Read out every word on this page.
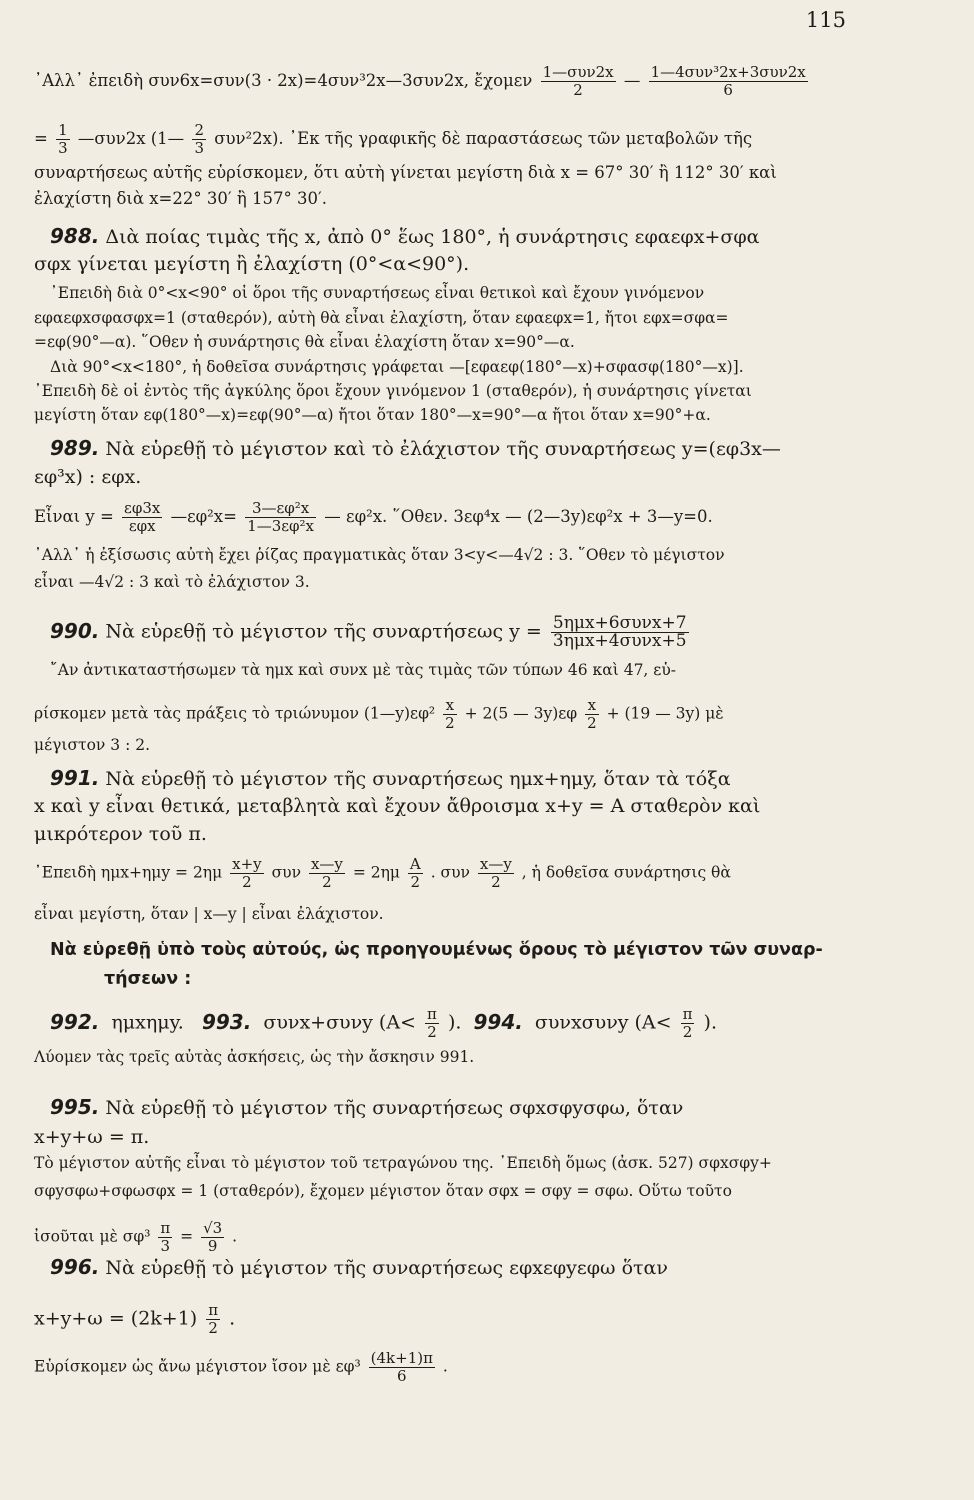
115
᾿Αλλ᾿ ἐπειδὴ συν6x=συν(3 · 2x)=4συν³2x—3συν2x, ἔχομεν $\frac{\text{1—συν2x}}{2}$ — $\frac{\text{1—4συν³2x+3συν2x}}{6}$
= $\frac{1}{3}$ —συν2x (1— $\frac{2}{3} \sigma\upsilon\nu^22x$). ᾿Εκ τῆς γραφικῆς δὲ παραστάσεως τῶν μεταβολῶν τῆς
συναρτήσεως αὐτῆς εὑρίσκομεν, ὅτι αὐτὴ γίνεται μεγίστη διὰ x = 67° 30′ ἢ 112° 30′ καὶ
ἐλαχίστη διὰ x=22° 30′ ἢ 157° 30′.
988. Διὰ ποίας τιμὰς τῆς x, ἀπὸ 0° ἕως 180°, ἡ συνάρτησις εφαεφx+σφα
σφx γίνεται μεγίστη ἢ ἐλαχίστη (0°<α<90°).
᾿Επειδὴ διὰ 0°<x<90° οἱ ὅροι τῆς συναρτήσεως εἶναι θετικοὶ καὶ ἔχουν γινόμενον
εφαεφxσφασφx=1 (σταθερόν), αὐτὴ θὰ εἶναι ἐλαχίστη, ὅταν εφαεφx=1, ἤτοι εφx=σφα=
=εφ(90°—α). ῞Οθεν ἡ συνάρτησις θὰ εἶναι ἐλαχίστη ὅταν x=90°—α.
Διὰ 90°<x<180°, ἡ δοθεῖσα συνάρτησις γράφεται —[εφαεφ(180°—x)+σφασφ(180°—x)].
᾿Επειδὴ δὲ οἱ ἐντὸς τῆς ἀγκύλης ὅροι ἔχουν γινόμενον 1 (σταθερόν), ἡ συνάρτησις γίνεται
μεγίστη ὅταν εφ(180°—x)=εφ(90°—α) ἤτοι ὅταν 180°—x=90°—α ἤτοι ὅταν x=90°+α.
989. Νὰ εὑρεθῇ τὸ μέγιστον καὶ τὸ ἐλάχιστον τῆς συναρτήσεως y=(εφ3x—
εφ³x) : εφx.
Εἶναι $y = \frac{\varepsilon\varphi 3x}{\text{εφx}}$ —εφ²x= $\frac{\text{3—εφ²x}}{\text{1—3εφ²x}}$ — εφ²x. ῞Οθεν. 3εφ⁴x — (2—3y)εφ²x + 3—y=0.
᾿Αλλ᾿ ἡ ἐξίσωσις αὐτὴ ἔχει ῥίζας πραγματικὰς ὅταν 3<y<—4√2 : 3. ῞Οθεν τὸ μέγιστον
εἶναι —4√2 : 3 καὶ τὸ ἐλάχιστον 3.
990. Νὰ εὑρεθῇ τὸ μέγιστον τῆς συναρτήσεως $y = \frac{\text{5ημx+6συνx+7}}{\text{3ημx+4συνx+5}}$
῎Αν ἀντικαταστήσωμεν τὰ ημx καὶ συνx μὲ τὰς τιμὰς τῶν τύπων 46 καὶ 47, εὑ-
ρίσκομεν μετὰ τὰς πράξεις τὸ τριώνυμον (1—y)εφ² $\frac{x}{2} + 2(5$ — $3y)\varepsilon\varphi \frac{x}{2} + (19$ — 3y) μὲ
μέγιστον 3 : 2.
991. Νὰ εὑρεθῇ τὸ μέγιστον τῆς συναρτήσεως ημx+ημy, ὅταν τὰ τόξα
x καὶ y εἶναι θετικά, μεταβλητὰ καὶ ἔχουν ἄθροισμα x+y = Α σταθερὸν καὶ
μικρότερον τοῦ π.
᾿Επειδὴ $\eta\mu x+\eta\mu y = 2\eta\mu \frac{x+y}{2}$ συν $\frac{x—y}{2} = 2\eta\mu \frac{A}{2}$ . συν $\frac{x—y}{2}$ , ἡ δοθεῖσα συνάρτησις θὰ
εἶναι μεγίστη, ὅταν | x—y | εἶναι ἐλάχιστον.
Νὰ εὑρεθῇ ὑπὸ τοὺς αὐτούς, ὡς προηγουμένως ὅρους τὸ μέγιστον τῶν συναρ-
τήσεων :
992. ημxημy. 993. συνx+συνy ($A< \frac{\pi}{2}$ ). 994. συνxσυνy ($A< \frac{\pi}{2}$ ).
Λύομεν τὰς τρεῖς αὐτὰς ἀσκήσεις, ὡς τὴν ἄσκησιν 991.
995. Νὰ εὑρεθῇ τὸ μέγιστον τῆς συναρτήσεως σφxσφyσφω, ὅταν
x+y+ω = π.
Τὸ μέγιστον αὐτῆς εἶναι τὸ μέγιστον τοῦ τετραγώνου της. ᾿Επειδὴ ὅμως (ἀσκ. 527) σφxσφy+
σφyσφω+σφωσφx = 1 (σταθερόν), ἔχομεν μέγιστον ὅταν σφx = σφy = σφω. Οὕτω τοῦτο
ἰσοῦται μὲ $\sigma\varphi^3 \frac{\pi}{3} = \frac{√3}{9}$ .
996. Νὰ εὑρεθῇ τὸ μέγιστον τῆς συναρτήσεως εφxεφyεφω ὅταν
$x+y+\omega = (2k+1) \frac{\pi}{2}$ .
Εὑρίσκομεν ὡς ἄνω μέγιστον ἴσον μὲ $\varepsilon\varphi^3 \frac{(4k+1)\pi}{6}$ .
